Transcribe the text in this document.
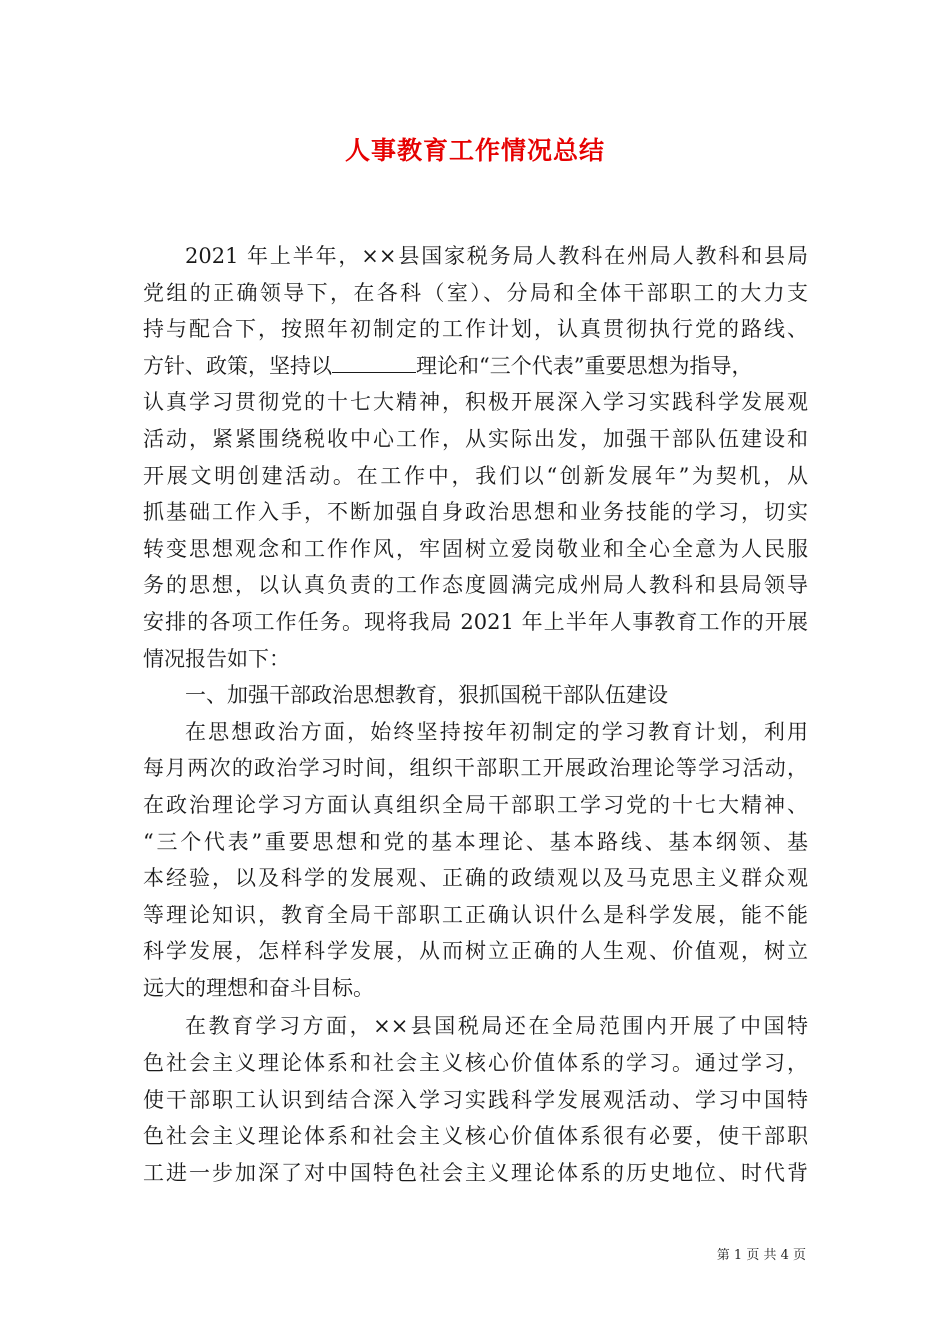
人事教育工作情况总结
2021 年上半年，××县国家税务局人教科在州局人教科和县局
党组的正确领导下，在各科（室）、分局和全体干部职工的大力支
持与配合下，按照年初制定的工作计划，认真贯彻执行党的路线、
方针、政策，坚持以	理论和“三个代表”重要思想为指导，
认真学习贯彻党的十七大精神，积极开展深入学习实践科学发展观
活动，紧紧围绕税收中心工作，从实际出发，加强干部队伍建设和
开展文明创建活动。在工作中，我们以“创新发展年”为契机，从
抓基础工作入手，不断加强自身政治思想和业务技能的学习，切实
转变思想观念和工作作风，牢固树立爱岗敬业和全心全意为人民服
务的思想，以认真负责的工作态度圆满完成州局人教科和县局领导
安排的各项工作任务。现将我局 2021 年上半年人事教育工作的开展
情况报告如下：
一、加强干部政治思想教育，狠抓国税干部队伍建设
在思想政治方面，始终坚持按年初制定的学习教育计划，利用
每月两次的政治学习时间，组织干部职工开展政治理论等学习活动，
在政治理论学习方面认真组织全局干部职工学习党的十七大精神、
“三个代表”重要思想和党的基本理论、基本路线、基本纲领、基
本经验，以及科学的发展观、正确的政绩观以及马克思主义群众观
等理论知识，教育全局干部职工正确认识什么是科学发展，能不能
科学发展，怎样科学发展，从而树立正确的人生观、价值观，树立
远大的理想和奋斗目标。
在教育学习方面，××县国税局还在全局范围内开展了中国特
色社会主义理论体系和社会主义核心价值体系的学习。通过学习，
使干部职工认识到结合深入学习实践科学发展观活动、学习中国特
色社会主义理论体系和社会主义核心价值体系很有必要，使干部职
工进一步加深了对中国特色社会主义理论体系的历史地位、时代背
第 1 页 共 4 页
